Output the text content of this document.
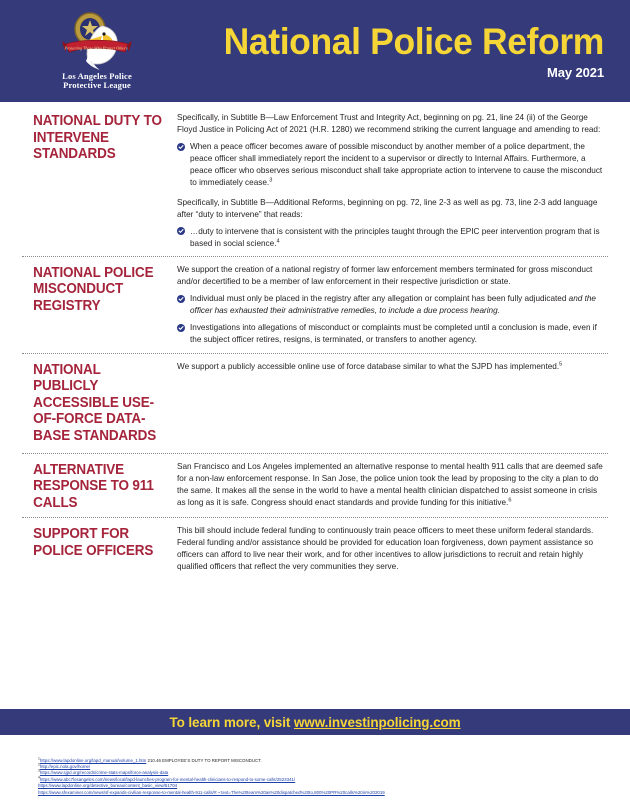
Protecting Those Who Protect Others
Los Angeles Police
Protective League
National Police Reform
May 2021
NATIONAL DUTY TO INTERVENE STANDARDS

Specifically, in Subtitle B—Law Enforcement Trust and Integrity Act, beginning on pg. 21, line 24 (ii) of the George Floyd Justice in Policing Act of 2021 (H.R. 1280) we recommend striking the current language and amending to read:

When a peace officer becomes aware of possible misconduct by another member of a police department, the peace officer shall immediately report the incident to a supervisor or directly to Internal Affairs. Furthermore, a peace officer who observes serious misconduct shall take appropriate action to intervene to cause the misconduct to immediately cease.$^3$

Specifically, in Subtitle B—Additional Reforms, beginning on pg. 72, line 2-3 as well as pg. 73, line 2-3 add language after “duty to intervene” that reads:

…duty to intervene that is consistent with the principles taught through the EPIC peer intervention program that is based in social science.$^4$
NATIONAL POLICE MISCONDUCT REGISTRY

We support the creation of a national registry of former law enforcement members terminated for gross misconduct and/or decertified to be a member of law enforcement in their respective jurisdiction or state.

Individual must only be placed in the registry after any allegation or complaint has been fully adjudicated and the officer has exhausted their administrative remedies, to include a due process hearing.
Investigations into allegations of misconduct or complaints must be completed until a conclusion is made, even if the subject officer retires, resigns, is terminated, or transfers to another agency.
NATIONAL PUBLICLY ACCESSIBLE USE-OF-FORCE DATA-BASE STANDARDS

We support a publicly accessible online use of force database similar to what the SJPD has implemented.$^5$

ALTERNATIVE RESPONSE TO 911 CALLS

San Francisco and Los Angeles implemented an alternative response to mental health 911 calls that are deemed safe for a non-law enforcement response. In San Jose, the police union took the lead by proposing to the city a plan to do the same. It makes all the sense in the world to have a mental health clinician dispatched to assist someone in crisis as long as it is safe. Congress should enact standards and provide funding for this initiative.$^6$

SUPPORT FOR POLICE OFFICERS

This bill should include federal funding to continuously train peace officers to meet these uniform federal standards. Federal funding and/or assistance should be provided for education loan forgiveness, down payment assistance so officers can afford to live near their work, and for other incentives to allow jurisdictions to recruit and retain highly qualified officers that reflect the very communities they serve.

To learn more, visit www.investinpolicing.com
$^1$https://www.lapdonline.org/lapd_manual/volume_1.htm 210.46 EMPLOYEE’S DUTY TO REPORT MISCONDUCT.
$^2$http://epic.nola.gov/home/
$^3$https://www.sjpd.org/records/crime-stats-maps/force-analysis-data
$^4$https://www.abc7losangeles.com/news/local/lapd-launches-program-for-mental-health-clinicians-to-respond-to-some-calls/2523341/
https://www.lapdonline.org/detective_bureau/content_basic_view/51704
https://www.sfexaminer.com/news/sf-expands-civilian-response-to-mental-health-911-calls/#:~:text=The%20team%20as%20dispatched%20to,800%20PR%20calls%20in%202019
